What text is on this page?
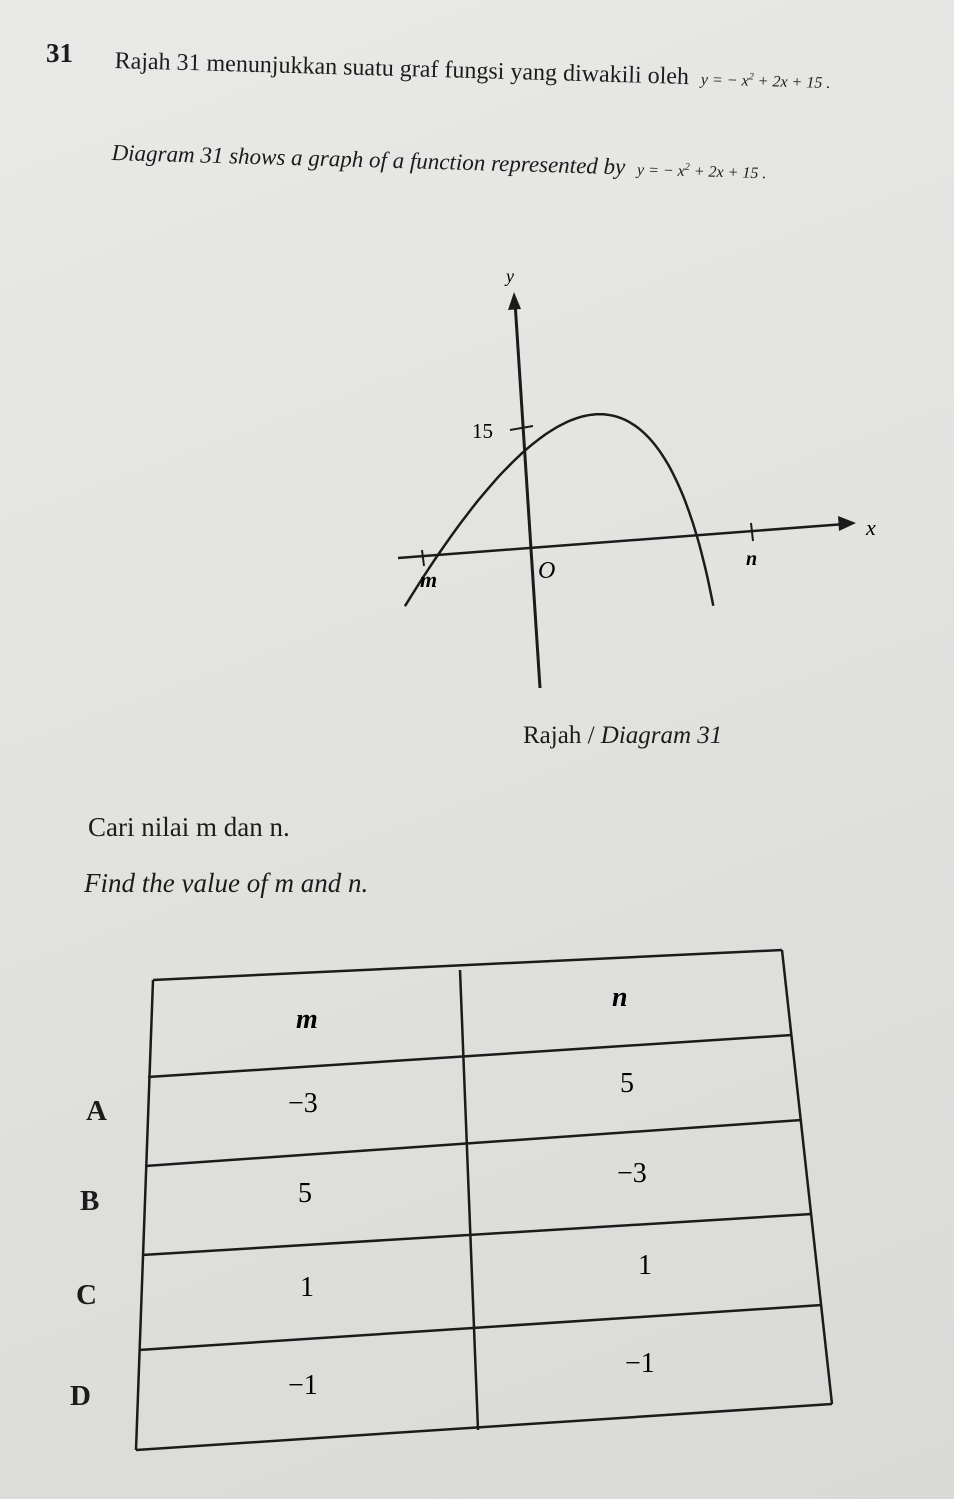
31 Rajah 31 menunjukkan suatu graf fungsi yang diwakili oleh y = − $x^2 + 2x + 15$ .
Diagram 31 shows a graph of a function represented by y = − $x^2 + 2x + 15$ .
y
x
15
O
m
n
Rajah / Diagram 31
Cari nilai m dan n.
Find the value of m and n.
m
n
−3
5
5
−3
1
1
−1
−1
A
B
C
D
